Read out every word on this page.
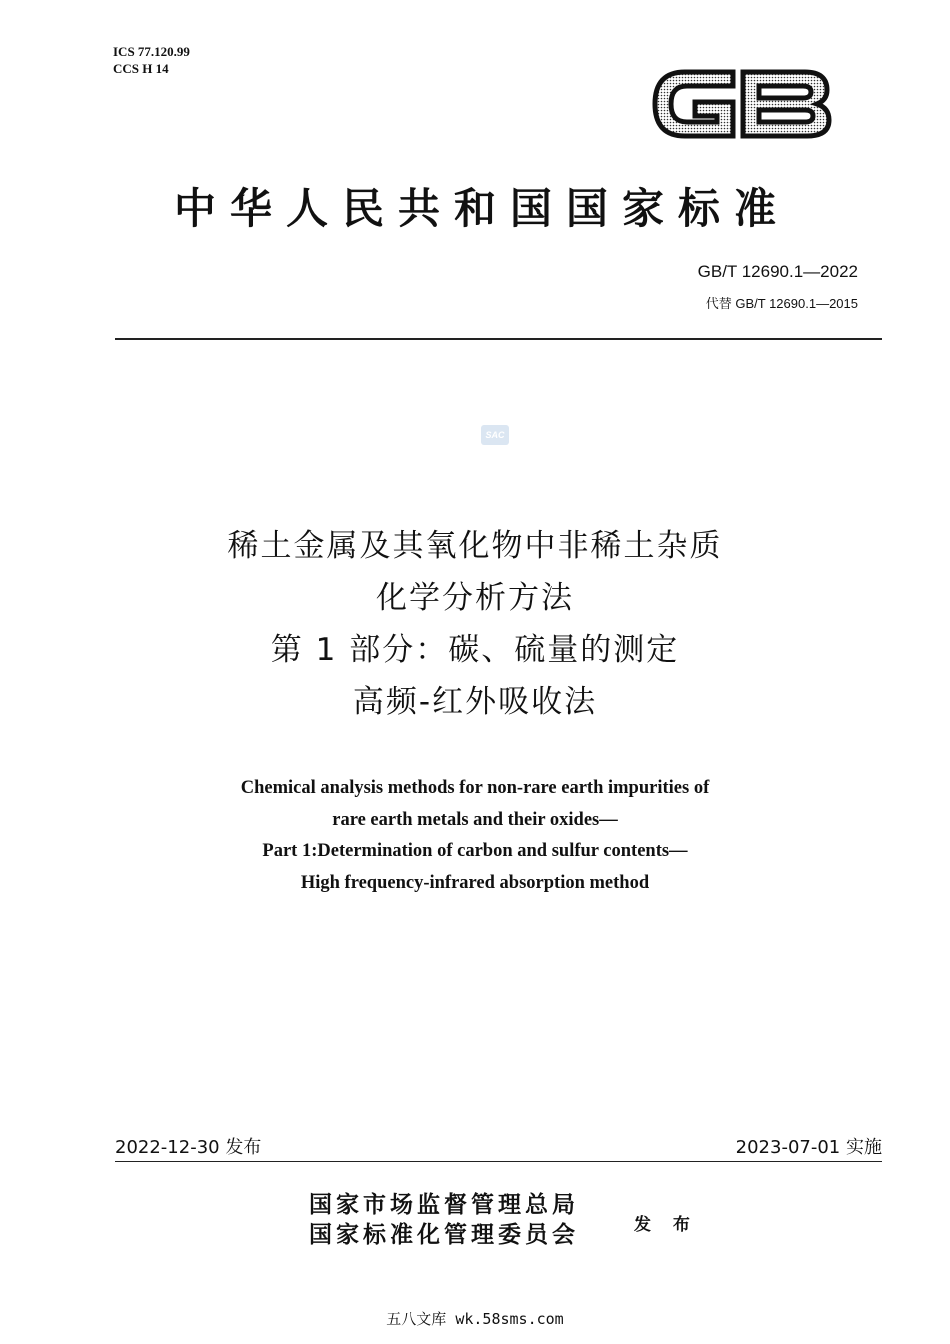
ICS 77.120.99
CCS H 14
GB
中华人民共和国国家标准
GB/T 12690.1—2022
代替 GB/T 12690.1—2015
SAC
稀土金属及其氧化物中非稀土杂质
化学分析方法
第 1 部分：碳、硫量的测定
高频-红外吸收法
Chemical analysis methods for non-rare earth impurities of
rare earth metals and their oxides—
Part 1:Determination of carbon and sulfur contents—
High frequency-infrared absorption method
2022-12-30 发布	2023-07-01 实施
国家市场监督管理总局
国家标准化管理委员会	发 布
五八文库 wk.58sms.com
